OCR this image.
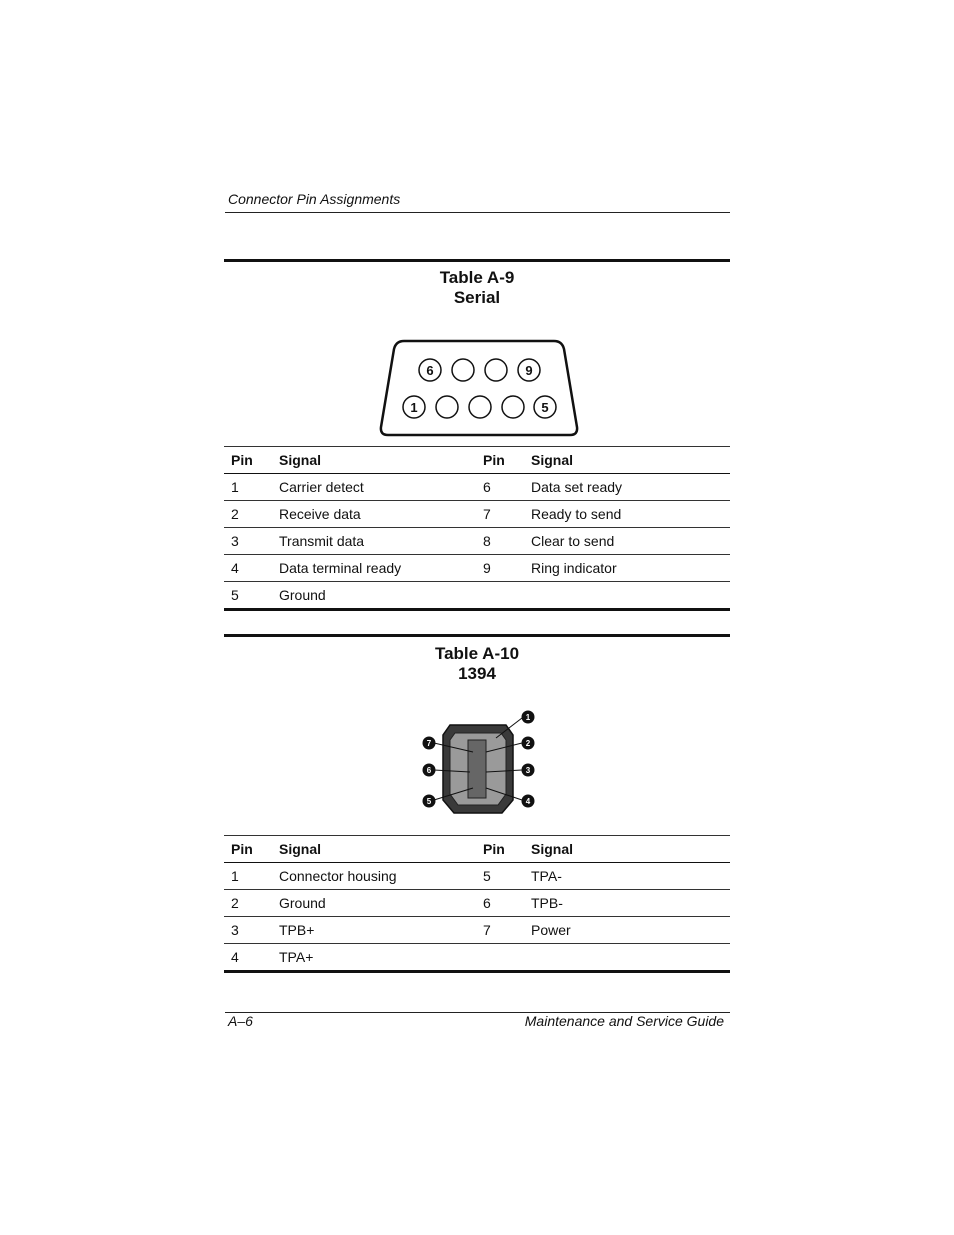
Connector Pin Assignments
Table A-9
Serial
6	9
1	5
Pin	Signal	Pin	Signal
1	Carrier detect	6	Data set ready
2	Receive data	7	Ready to send
3	Transmit data	8	Clear to send
4	Data terminal ready	9	Ring indicator
5	Ground		
Table A-10
1394
1
2
3
4
5
6
7
Pin	Signal	Pin	Signal
1	Connector housing	5	TPA-
2	Ground	6	TPB-
3	TPB+	7	Power
4	TPA+		
A–6	Maintenance and Service Guide
